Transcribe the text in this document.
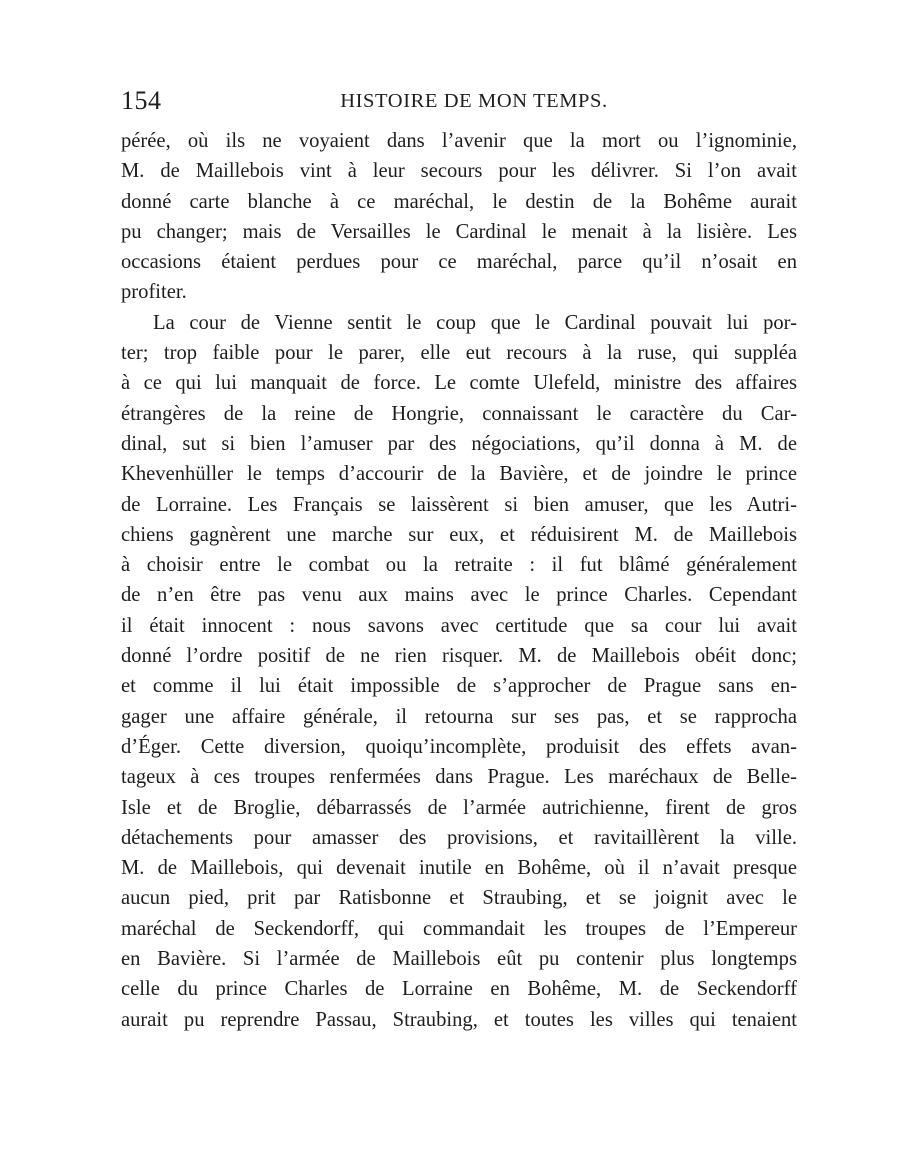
154	HISTOIRE DE MON TEMPS.
pérée, où ils ne voyaient dans l’avenir que la mort ou l’ignominie,
M. de Maillebois vint à leur secours pour les délivrer. Si l’on avait
donné carte blanche à ce maréchal, le destin de la Bohême aurait
pu changer; mais de Versailles le Cardinal le menait à la lisière. Les
occasions étaient perdues pour ce maréchal, parce qu’il n’osait en
profiter.
La cour de Vienne sentit le coup que le Cardinal pouvait lui por-
ter; trop faible pour le parer, elle eut recours à la ruse, qui suppléa
à ce qui lui manquait de force. Le comte Ulefeld, ministre des affaires
étrangères de la reine de Hongrie, connaissant le caractère du Car-
dinal, sut si bien l’amuser par des négociations, qu’il donna à M. de
Khevenhüller le temps d’accourir de la Bavière, et de joindre le prince
de Lorraine. Les Français se laissèrent si bien amuser, que les Autri-
chiens gagnèrent une marche sur eux, et réduisirent M. de Maillebois
à choisir entre le combat ou la retraite : il fut blâmé généralement
de n’en être pas venu aux mains avec le prince Charles. Cependant
il était innocent : nous savons avec certitude que sa cour lui avait
donné l’ordre positif de ne rien risquer. M. de Maillebois obéit donc;
et comme il lui était impossible de s’approcher de Prague sans en-
gager une affaire générale, il retourna sur ses pas, et se rapprocha
d’Éger. Cette diversion, quoiqu’incomplète, produisit des effets avan-
tageux à ces troupes renfermées dans Prague. Les maréchaux de Belle-
Isle et de Broglie, débarrassés de l’armée autrichienne, firent de gros
détachements pour amasser des provisions, et ravitaillèrent la ville.
M. de Maillebois, qui devenait inutile en Bohême, où il n’avait presque
aucun pied, prit par Ratisbonne et Straubing, et se joignit avec le
maréchal de Seckendorff, qui commandait les troupes de l’Empereur
en Bavière. Si l’armée de Maillebois eût pu contenir plus longtemps
celle du prince Charles de Lorraine en Bohême, M. de Seckendorff
aurait pu reprendre Passau, Straubing, et toutes les villes qui tenaient
